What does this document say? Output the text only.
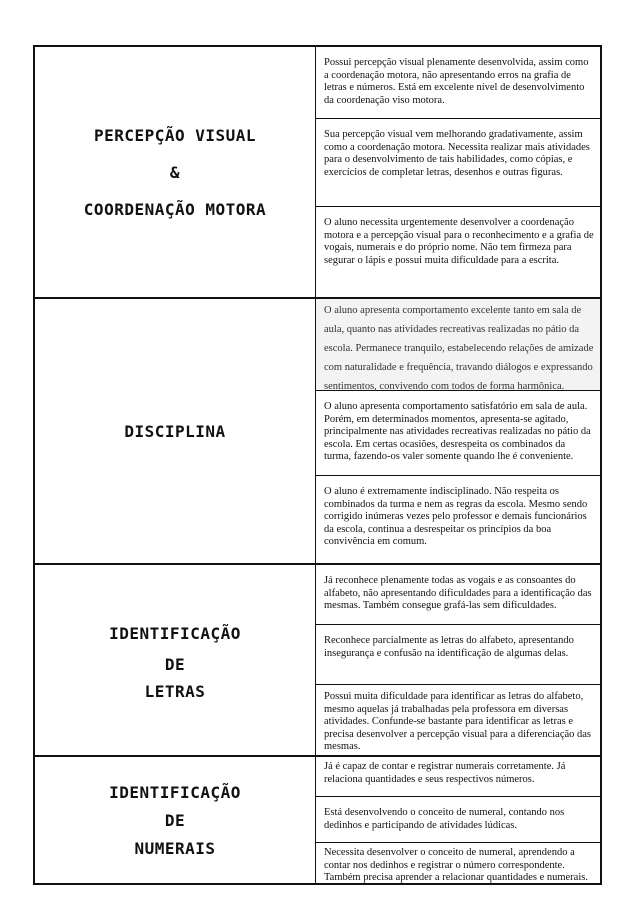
PERCEPÇÃO VISUAL
&
COORDENAÇÃO MOTORA
Possui percepção visual plenamente desenvolvida, assim como a coordenação motora, não apresentando erros na grafia de letras e números. Está em excelente nível de desenvolvimento da coordenação viso motora.
Sua percepção visual vem melhorando gradativamente, assim como a coordenação motora. Necessita realizar mais atividades para o desenvolvimento de tais habilidades, como cópias, e exercícios de completar letras, desenhos e outras figuras.
O aluno necessita urgentemente desenvolver a coordenação motora e a percepção visual para o reconhecimento e a grafia de vogais, numerais e do próprio nome. Não tem firmeza para segurar o lápis e possui muita dificuldade para a escrita.
DISCIPLINA
O aluno apresenta comportamento excelente tanto em sala de aula, quanto nas atividades recreativas realizadas no pátio da escola. Permanece tranquilo, estabelecendo relações de amizade com naturalidade e frequência, travando diálogos e expressando sentimentos, convivendo com todos de forma harmônica.
O aluno apresenta comportamento satisfatório em sala de aula. Porém, em determinados momentos, apresenta-se agitado, principalmente nas atividades recreativas realizadas no pátio da escola. Em certas ocasiões, desrespeita os combinados da turma, fazendo-os valer somente quando lhe é conveniente.
O aluno é extremamente indisciplinado. Não respeita os combinados da turma e nem as regras da escola. Mesmo sendo corrigido inúmeras vezes pelo professor e demais funcionários da escola, continua a desrespeitar os princípios da boa convivência em comum.
IDENTIFICAÇÃO
DE
LETRAS
Já reconhece plenamente todas as vogais e as consoantes do alfabeto, não apresentando dificuldades para a identificação das mesmas. Também consegue grafá-las sem dificuldades.
Reconhece parcialmente as letras do alfabeto, apresentando insegurança e confusão na identificação de algumas delas.
Possui muita dificuldade para identificar as letras do alfabeto, mesmo aquelas já trabalhadas pela professora em diversas atividades. Confunde-se bastante para identificar as letras e precisa desenvolver a percepção visual para a diferenciação das mesmas.
IDENTIFICAÇÃO
DE
NUMERAIS
Já é capaz de contar e registrar numerais corretamente. Já relaciona quantidades e seus respectivos números.
Está desenvolvendo o conceito de numeral, contando nos dedinhos e participando de atividades lúdicas.
Necessita desenvolver o conceito de numeral, aprendendo a contar nos dedinhos e registrar o número correspondente. Também precisa aprender a relacionar quantidades e numerais.
